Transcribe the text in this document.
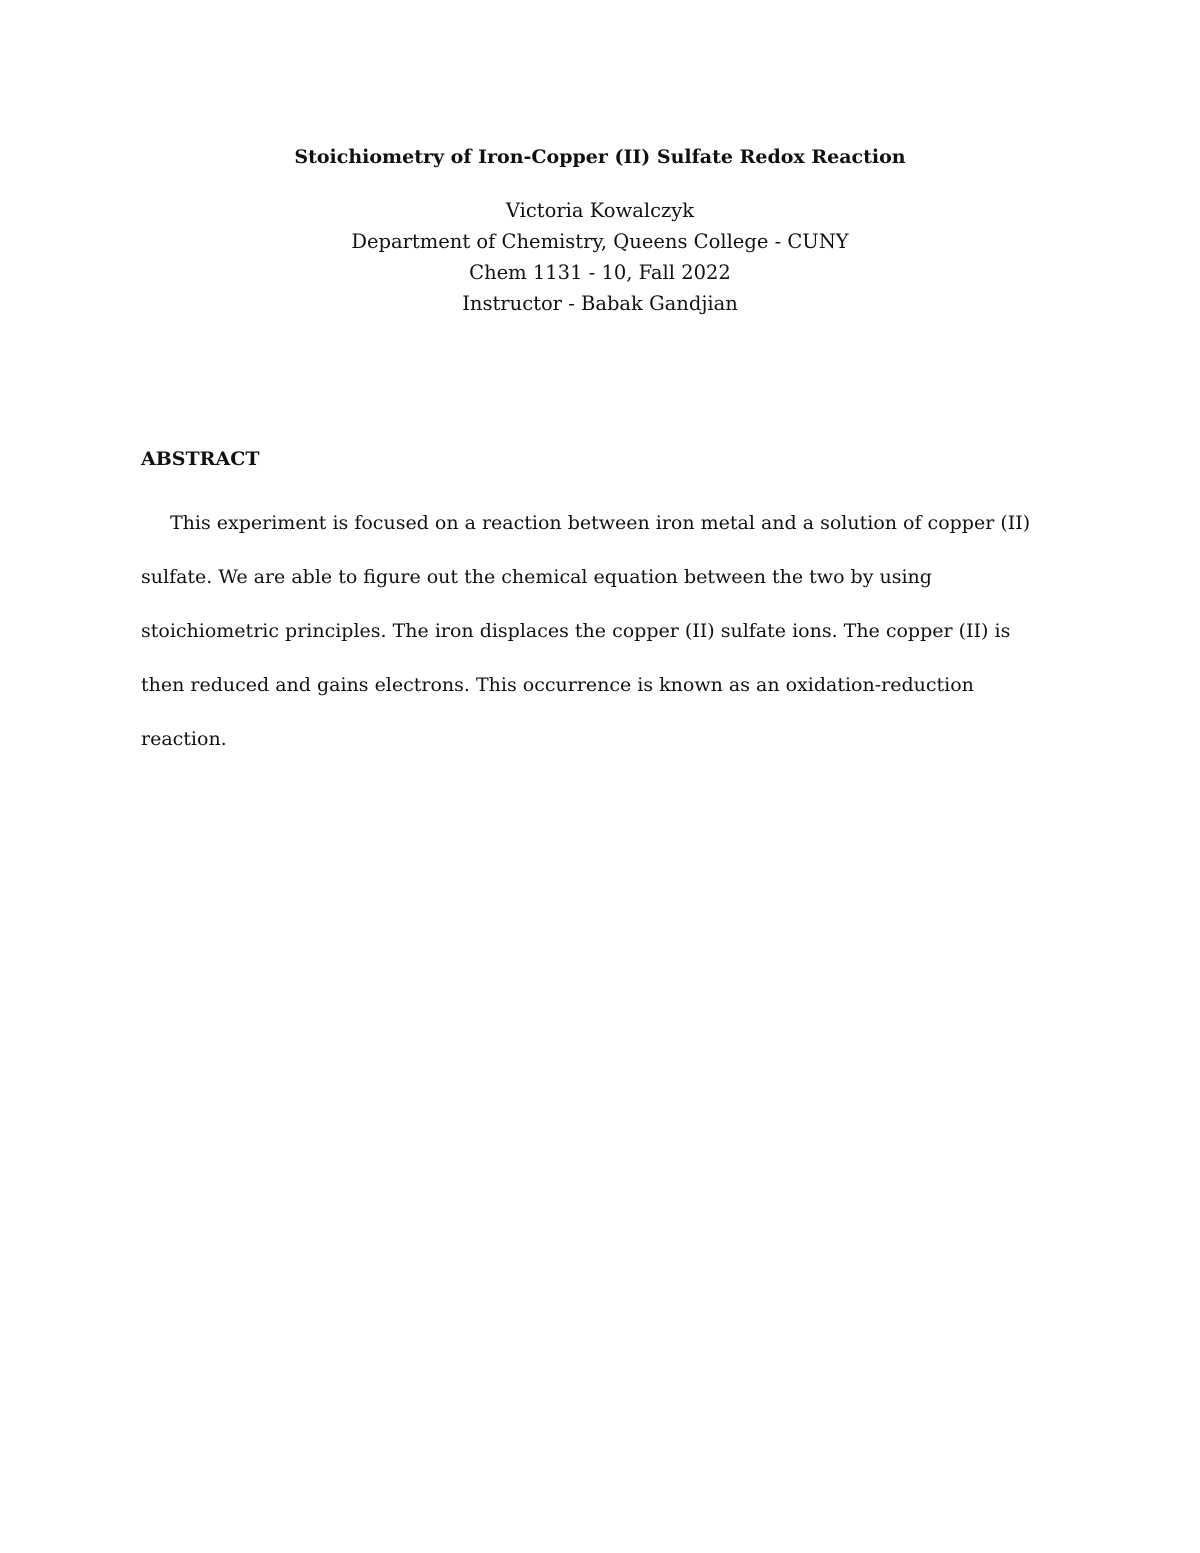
Stoichiometry of Iron-Copper (II) Sulfate Redox Reaction
Victoria Kowalczyk
Department of Chemistry, Queens College - CUNY
Chem 1131 - 10, Fall 2022
Instructor - Babak Gandjian
ABSTRACT

This experiment is focused on a reaction between iron metal and a solution of copper (II) sulfate. We are able to figure out the chemical equation between the two by using stoichiometric principles. The iron displaces the copper (II) sulfate ions. The copper (II) is then reduced and gains electrons. This occurrence is known as an oxidation-reduction reaction.
